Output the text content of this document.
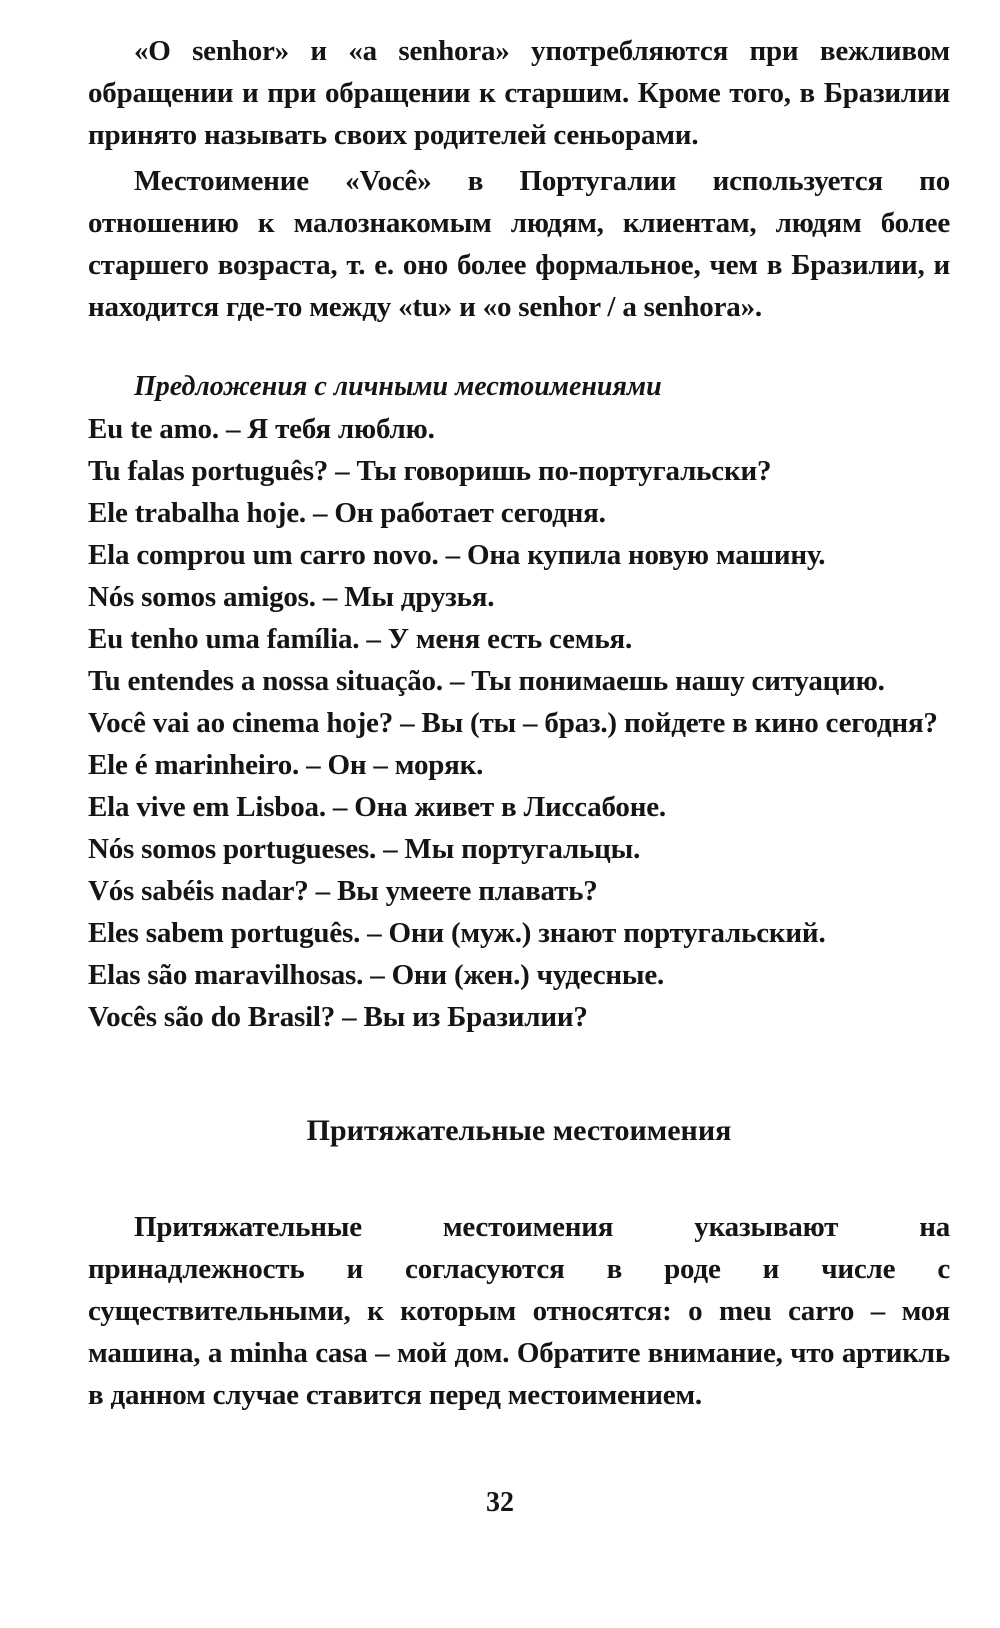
«O senhor» и «a senhora» употребляются при вежливом обращении и при обращении к старшим. Кроме того, в Бразилии принято называть своих родителей сеньорами.

Местоимение «Você» в Португалии используется по отношению к малознакомым людям, клиентам, людям более старшего возраста, т. е. оно более формальное, чем в Бразилии, и находится где-то между «tu» и «o senhor / a senhora».

Предложения с личными местоимениями
Eu te amo. – Я тебя люблю.
Tu falas português? – Ты говоришь по-португальски?
Ele trabalha hoje. – Он работает сегодня.
Ela comprou um carro novo. – Она купила новую машину.
Nós somos amigos. – Мы друзья.
Eu tenho uma família. – У меня есть семья.
Tu entendes a nossa situação. – Ты понимаешь нашу ситуацию.
Você vai ao cinema hoje? – Вы (ты – браз.) пойдете в кино сегодня?
Ele é marinheiro. – Он – моряк.
Ela vive em Lisboa. – Она живет в Лиссабоне.
Nós somos portugueses. – Мы португальцы.
Vós sabéis nadar? – Вы умеете плавать?
Eles sabem português. – Они (муж.) знают португальский.
Elas são maravilhosas. – Они (жен.) чудесные.
Vocês são do Brasil? – Вы из Бразилии?
Притяжательные местоимения

Притяжательные местоимения указывают на принадлежность и согласуются в роде и числе с существительными, к которым относятся: o meu carro – моя машина, a minha casa – мой дом. Обратите внимание, что артикль в данном случае ставится перед местоимением.

32
